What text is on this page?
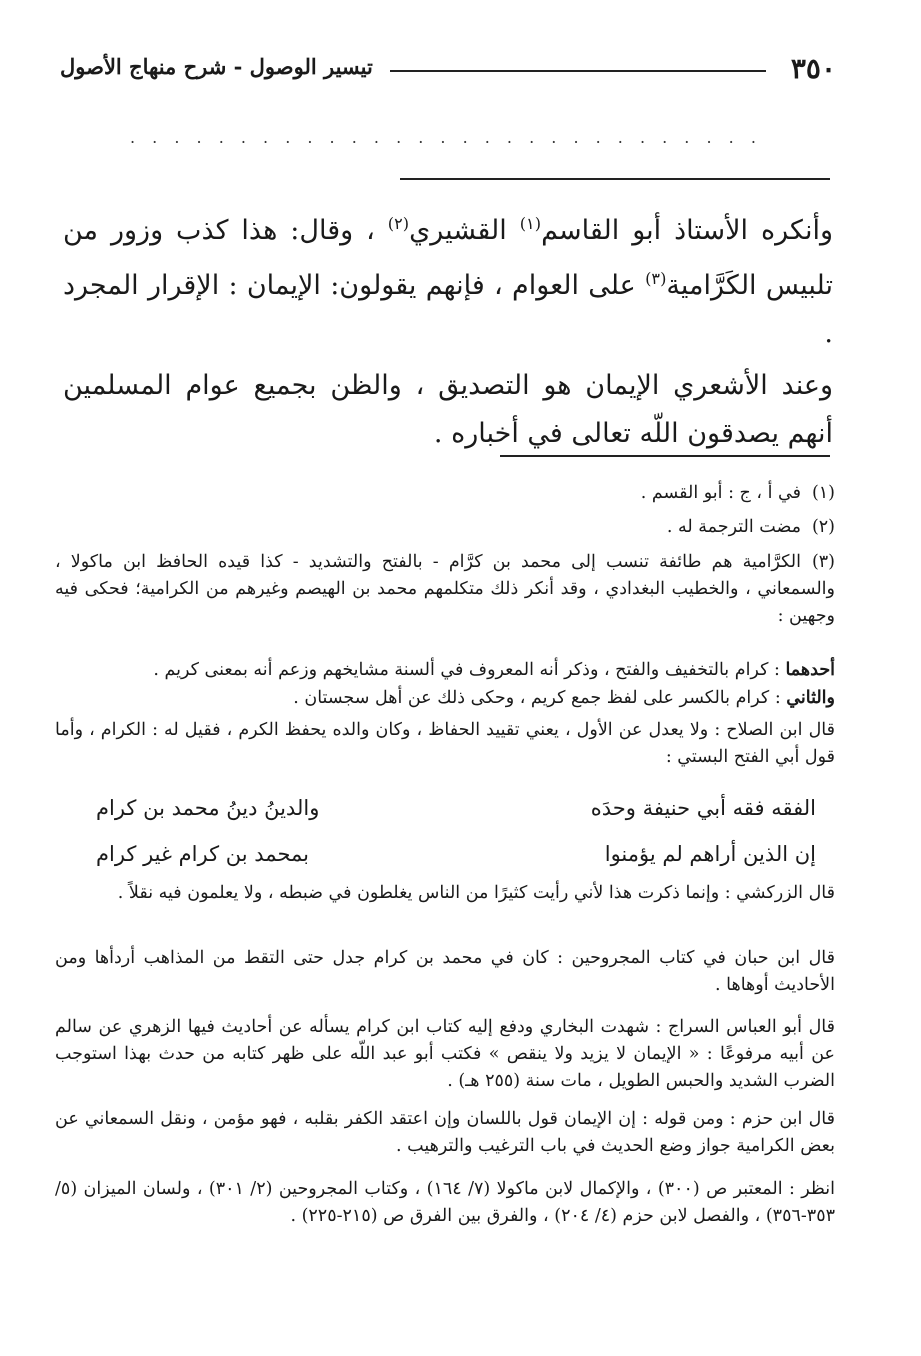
٣٥٠
تيسير الوصول - شرح منهاج الأصول
. . . . . . . . . . . . . . . . . . . . . . . . . . . . .
وأنكره الأستاذ أبو القاسم$^{(١)}$ القشيري$^{(٢)}$ ، وقال: هذا كذب وزور من تلبيس الكَرَّامية$^{(٣)}$ على العوام ، فإنهم يقولون: الإيمان : الإقرار المجرد .
وعند الأشعري الإيمان هو التصديق ، والظن بجميع عوام المسلمين أنهم يصدقون اللّه تعالى في أخباره .
(١)في أ ، ج : أبو القسم .
(٢)مضت الترجمة له .
(٣)الكرَّامية هم طائفة تنسب إلى محمد بن كرَّام - بالفتح والتشديد - كذا قيده الحافظ ابن ماكولا ، والسمعاني ، والخطيب البغدادي ، وقد أنكر ذلك متكلمهم محمد بن الهيصم وغيرهم من الكرامية؛ فحكى فيه وجهين :
أحدهما : كرام بالتخفيف والفتح ، وذكر أنه المعروف في ألسنة مشايخهم وزعم أنه بمعنى كريم .
والثاني : كرام بالكسر على لفظ جمع كريم ، وحكى ذلك عن أهل سجستان .
قال ابن الصلاح : ولا يعدل عن الأول ، يعني تقييد الحفاظ ، وكان والده يحفظ الكرم ، فقيل له : الكرام ، وأما قول أبي الفتح البستي :
الفقه فقه أبي حنيفة وحدَه
والدينُ دينُ محمد بن كرام
إن الذين أراهم لم يؤمنوا
بمحمد بن كرام غير كرام
قال الزركشي : وإنما ذكرت هذا لأني رأيت كثيرًا من الناس يغلطون في ضبطه ، ولا يعلمون فيه نقلاً .
قال ابن حبان في كتاب المجروحين : كان في محمد بن كرام جدل حتى التقط من المذاهب أردأها ومن الأحاديث أوهاها .
قال أبو العباس السراج : شهدت البخاري ودفع إليه كتاب ابن كرام يسأله عن أحاديث فيها الزهري عن سالم عن أبيه مرفوعًا : « الإيمان لا يزيد ولا ينقص » فكتب أبو عبد اللّه على ظهر كتابه من حدث بهذا استوجب الضرب الشديد والحبس الطويل ، مات سنة (٢٥٥ هـ) .
قال ابن حزم : ومن قوله : إن الإيمان قول باللسان وإن اعتقد الكفر بقلبه ، فهو مؤمن ، ونقل السمعاني عن بعض الكرامية جواز وضع الحديث في باب الترغيب والترهيب .
انظر : المعتبر ص (٣٠٠) ، والإكمال لابن ماكولا (٧/ ١٦٤) ، وكتاب المجروحين (٢/ ٣٠١) ، ولسان الميزان (٥/ ٣٥٣-٣٥٦) ، والفصل لابن حزم (٤/ ٢٠٤) ، والفرق بين الفرق ص (٢١٥-٢٢٥) .
